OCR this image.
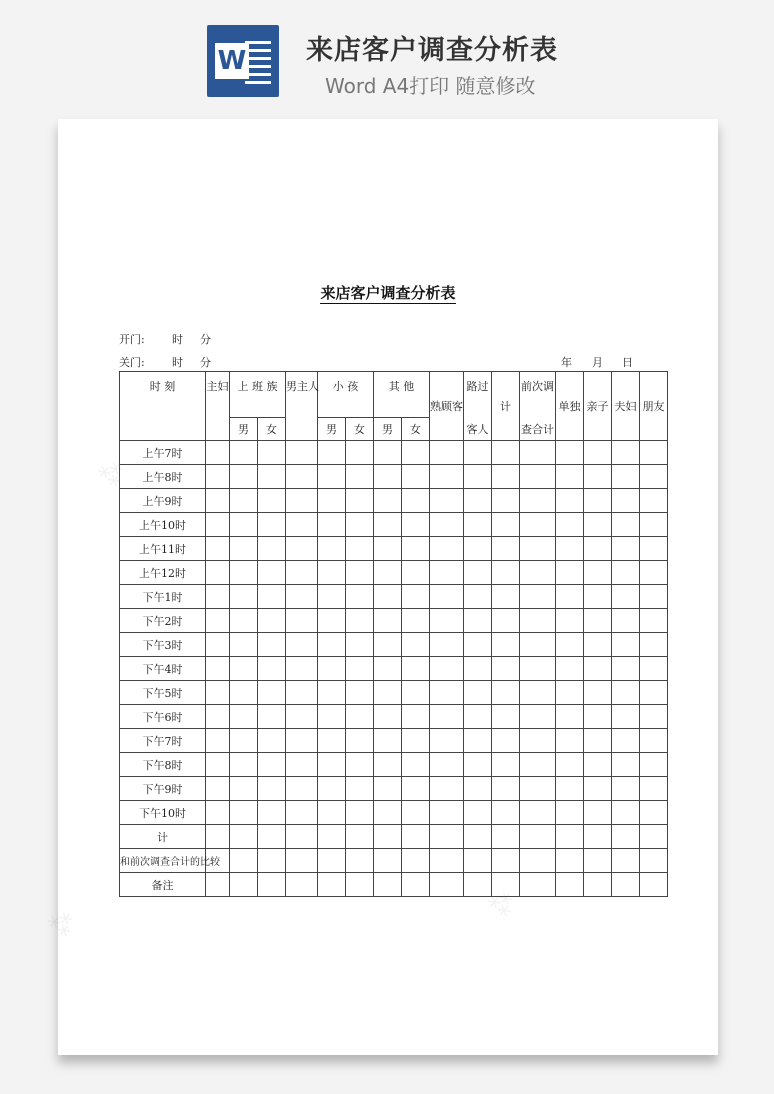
W 来店客户调查分析表
Word A4打印 随意修改
⁂
⁂
⁂
来店客户调查分析表
开门: 时 分
关门: 时 分	年 月 日
时 刻	主妇	上 班 族		男主人	小 孩		其 他		熟顾客	路过	计	前次调	单独	亲子	夫妇	朋友
		男	女		男	女	男	女		客人		查合计				
上午7时																
上午8时																
上午9时																
上午10时																
上午11时																
上午12时																
下午1时																
下午2时																
下午3时																
下午4时																
下午5时																
下午6时																
下午7时																
下午8时																
下午9时																
下午10时																
计																
和前次调查合计的比较																
备注																
